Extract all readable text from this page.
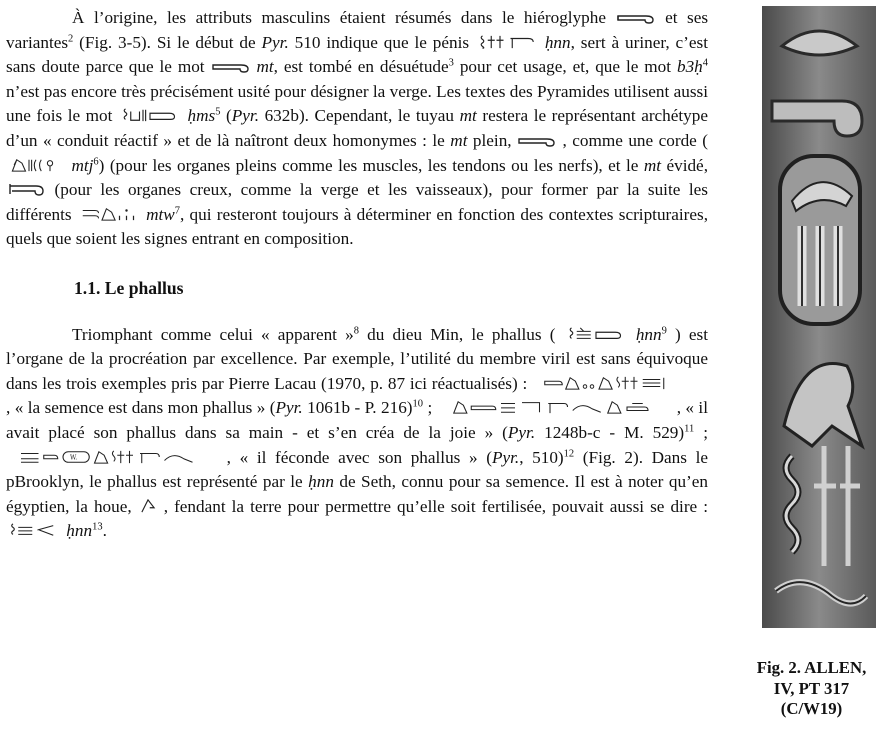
À l’origine, les attributs masculins étaient résumés dans le hiéroglyphe	et ses variantes$^2$ (Fig. 3-5). Si le début de Pyr. 510 indique que le pénis	ḥnn, sert à uriner, c’est sans doute parce que le mot	mt, est tombé en désuétude$^3$ pour cet usage, et, que le mot b3ḥ$^4$ n’est pas encore très précisément usité pour désigner la verge. Les textes des Pyramides utilisent aussi une fois le mot	ḥms$^5$ (Pyr. 632b). Cependant, le tuyau mt restera le représentant archétype d’un « conduit réactif » et de là naîtront deux homonymes : le mt plein,
, comme une corde (
mtj$^6$) (pour les organes pleins comme les muscles, les tendons ou les nerfs), et le mt évidé,
(pour les organes creux, comme la verge et les vaisseaux), pour former par la suite les différents	mtw$^7$, qui resteront toujours à déterminer en fonction des contextes scripturaires, quels que soient les signes entrant en composition.

1.1. Le phallus

Triomphant comme celui « apparent »$^8$ du dieu Min, le phallus (	ḥnn$^9$ ) est l’organe de la procréation par excellence. Par exemple, l’utilité du membre viril est sans équivoque dans les trois exemples pris par Pierre Lacau (1970, p. 87 ici réactualisés) :
, « la semence est dans mon phallus » (Pyr. 1061b - P. 216)$^{10}$ ;	, « il avait placé son phallus dans sa main - et s’en créa de la joie » (Pyr. 1248b-c - M. 529)$^{11}$ ;
W.	, « il féconde avec son phallus » (Pyr., 510)$^{12}$ (Fig. 2). Dans le pBrooklyn, le phallus est représenté par le ḥnn de Seth, connu pour sa semence. Il est à noter qu’en égyptien, la houe,
, fendant la terre pour permettre qu’elle soit fertilisée, pouvait aussi se dire :
ḥnn$^{13}$.

Fig. 2. ALLEN,
IV, PT 317
(C/W19)
